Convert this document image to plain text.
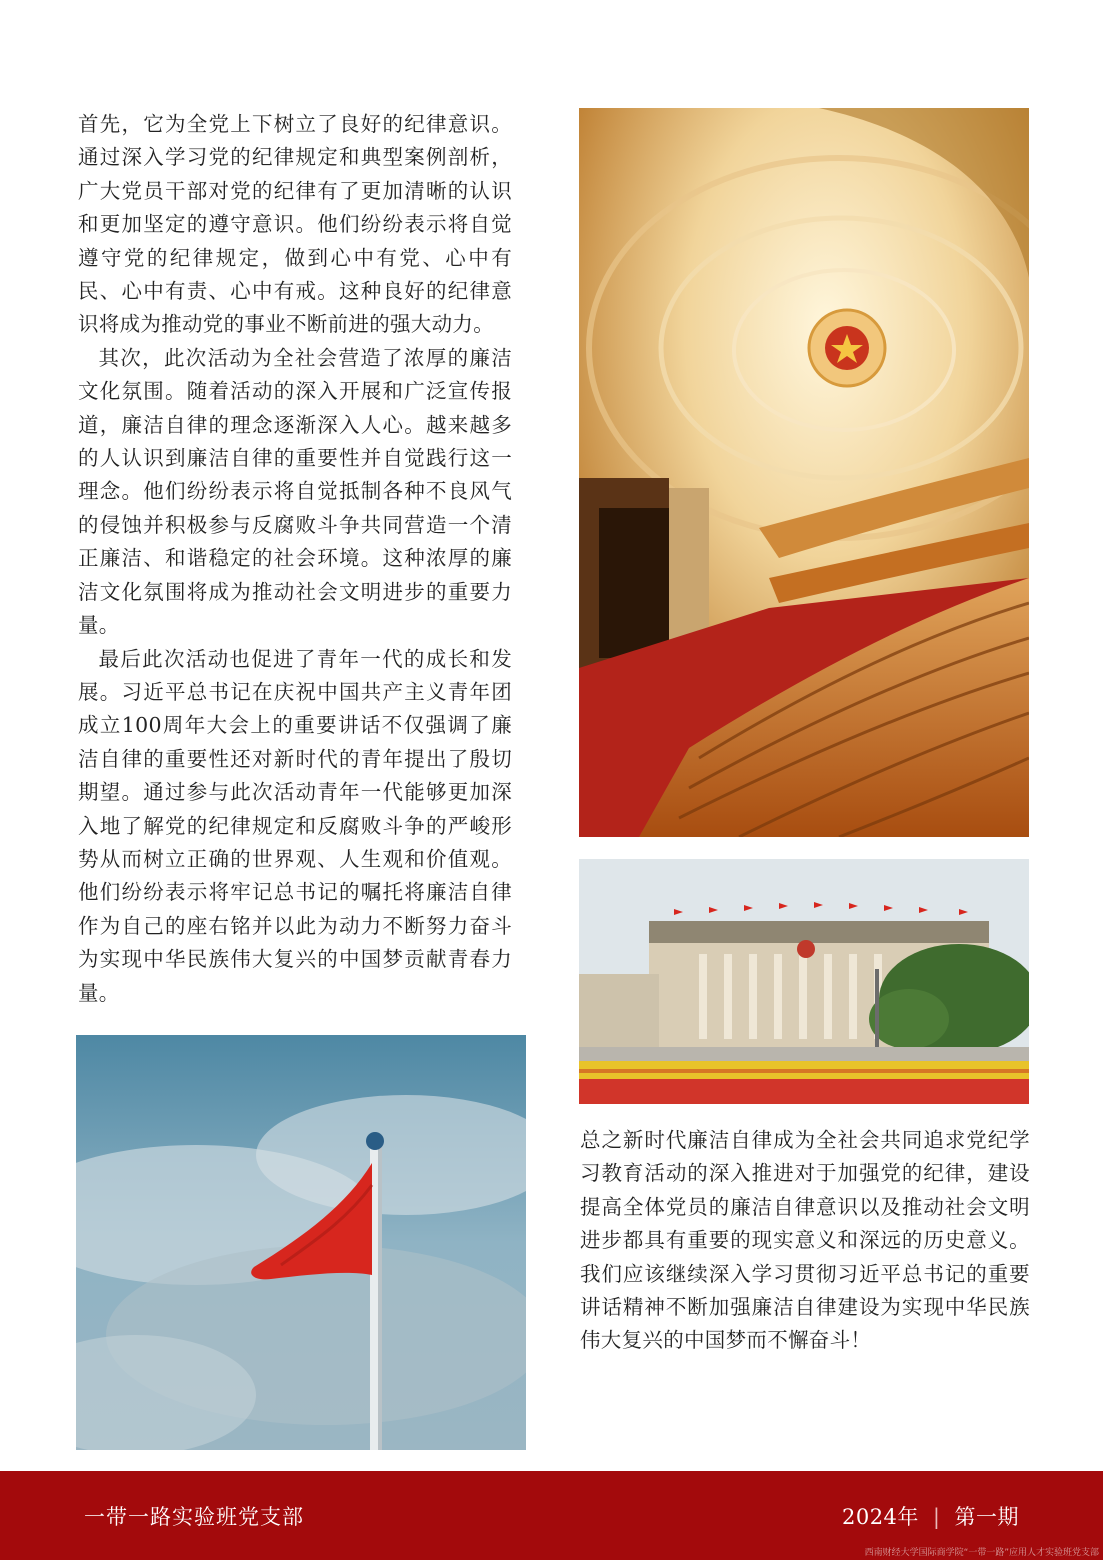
首先，它为全党上下树立了良好的纪律意识。通过深入学习党的纪律规定和典型案例剖析，广大党员干部对党的纪律有了更加清晰的认识和更加坚定的遵守意识。他们纷纷表示将自觉遵守党的纪律规定，做到心中有党、心中有民、心中有责、心中有戒。这种良好的纪律意识将成为推动党的事业不断前进的强大动力。

其次，此次活动为全社会营造了浓厚的廉洁文化氛围。随着活动的深入开展和广泛宣传报道，廉洁自律的理念逐渐深入人心。越来越多的人认识到廉洁自律的重要性并自觉践行这一理念。他们纷纷表示将自觉抵制各种不良风气的侵蚀并积极参与反腐败斗争共同营造一个清正廉洁、和谐稳定的社会环境。这种浓厚的廉洁文化氛围将成为推动社会文明进步的重要力量。

最后此次活动也促进了青年一代的成长和发展。习近平总书记在庆祝中国共产主义青年团成立100周年大会上的重要讲话不仅强调了廉洁自律的重要性还对新时代的青年提出了殷切期望。通过参与此次活动青年一代能够更加深入地了解党的纪律规定和反腐败斗争的严峻形势从而树立正确的世界观、人生观和价值观。他们纷纷表示将牢记总书记的嘱托将廉洁自律作为自己的座右铭并以此为动力不断努力奋斗为实现中华民族伟大复兴的中国梦贡献青春力量。

总之新时代廉洁自律成为全社会共同追求党纪学习教育活动的深入推进对于加强党的纪律，建设提高全体党员的廉洁自律意识以及推动社会文明进步都具有重要的现实意义和深远的历史意义。我们应该继续深入学习贯彻习近平总书记的重要讲话精神不断加强廉洁自律建设为实现中华民族伟大复兴的中国梦而不懈奋斗！

一带一路实验班党支部	2024年 | 第一期
西南财经大学国际商学院“一带一路”应用人才实验班党支部
